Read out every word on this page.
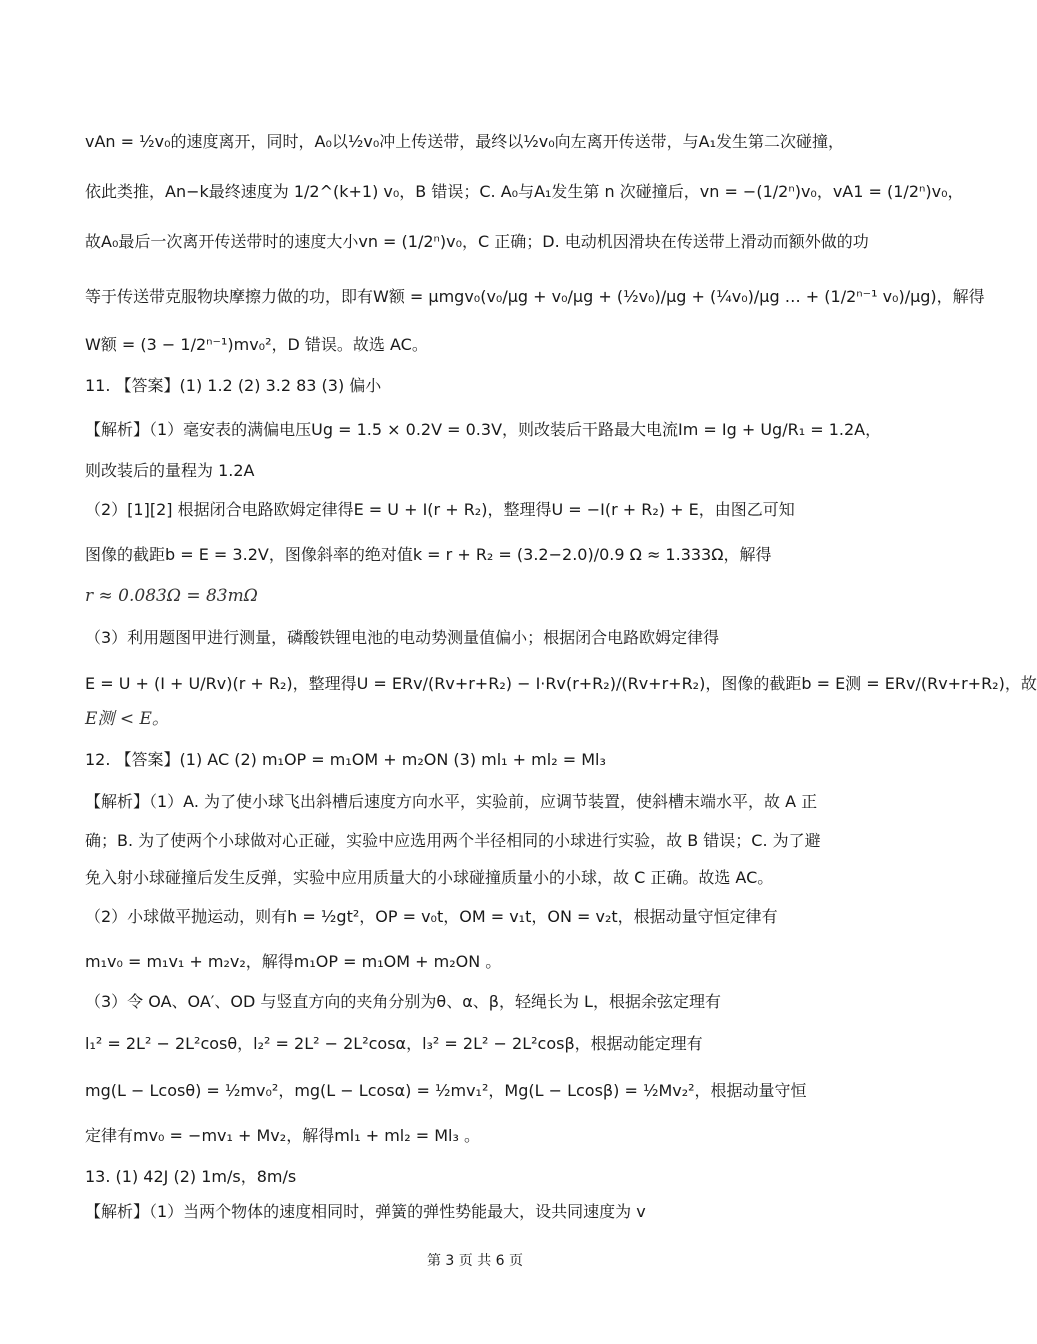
vAn = ½v₀的速度离开，同时，A₀以½v₀冲上传送带，最终以½v₀向左离开传送带，与A₁发生第二次碰撞，
依此类推，An−k最终速度为 1/2^(k+1) v₀，B 错误；C. A₀与A₁发生第 n 次碰撞后，vn = −(1/2ⁿ)v₀，vA1 = (1/2ⁿ)v₀，
故A₀最后一次离开传送带时的速度大小vn = (1/2ⁿ)v₀，C 正确；D. 电动机因滑块在传送带上滑动而额外做的功
等于传送带克服物块摩擦力做的功，即有W额 = μmgv₀(v₀/μg + v₀/μg + (½v₀)/μg + (¼v₀)/μg … + (1/2ⁿ⁻¹ v₀)/μg)，解得
W额 = (3 − 1/2ⁿ⁻¹)mv₀²，D 错误。故选 AC。
11. 【答案】(1) 1.2 (2) 3.2 83 (3) 偏小
【解析】（1）毫安表的满偏电压Ug = 1.5 × 0.2V = 0.3V，则改装后干路最大电流Im = Ig + Ug/R₁ = 1.2A，
则改装后的量程为 1.2A
（2）[1][2] 根据闭合电路欧姆定律得E = U + I(r + R₂)，整理得U = −I(r + R₂) + E，由图乙可知
图像的截距b = E = 3.2V，图像斜率的绝对值k = r + R₂ = (3.2−2.0)/0.9 Ω ≈ 1.333Ω，解得
r ≈ 0.083Ω = 83mΩ
（3）利用题图甲进行测量，磷酸铁锂电池的电动势测量值偏小；根据闭合电路欧姆定律得
E = U + (I + U/Rv)(r + R₂)，整理得U = ERv/(Rv+r+R₂) − I·Rv(r+R₂)/(Rv+r+R₂)，图像的截距b = E测 = ERv/(Rv+r+R₂)，故
E测 < E。
12. 【答案】(1) AC (2) m₁OP = m₁OM + m₂ON (3) ml₁ + ml₂ = Ml₃
【解析】（1）A. 为了使小球飞出斜槽后速度方向水平，实验前，应调节装置，使斜槽末端水平，故 A 正
确；B. 为了使两个小球做对心正碰，实验中应选用两个半径相同的小球进行实验，故 B 错误；C. 为了避
免入射小球碰撞后发生反弹，实验中应用质量大的小球碰撞质量小的小球，故 C 正确。故选 AC。
（2）小球做平抛运动，则有h = ½gt²，OP = v₀t，OM = v₁t，ON = v₂t，根据动量守恒定律有
m₁v₀ = m₁v₁ + m₂v₂，解得m₁OP = m₁OM + m₂ON 。
（3）令 OA、OA′、OD 与竖直方向的夹角分别为θ、α、β，轻绳长为 L，根据余弦定理有
l₁² = 2L² − 2L²cosθ，l₂² = 2L² − 2L²cosα，l₃² = 2L² − 2L²cosβ，根据动能定理有
mg(L − Lcosθ) = ½mv₀²，mg(L − Lcosα) = ½mv₁²，Mg(L − Lcosβ) = ½Mv₂²，根据动量守恒
定律有mv₀ = −mv₁ + Mv₂，解得ml₁ + ml₂ = Ml₃ 。
13. (1) 42J (2) 1m/s，8m/s
【解析】（1）当两个物体的速度相同时，弹簧的弹性势能最大，设共同速度为 v
第 3 页 共 6 页
